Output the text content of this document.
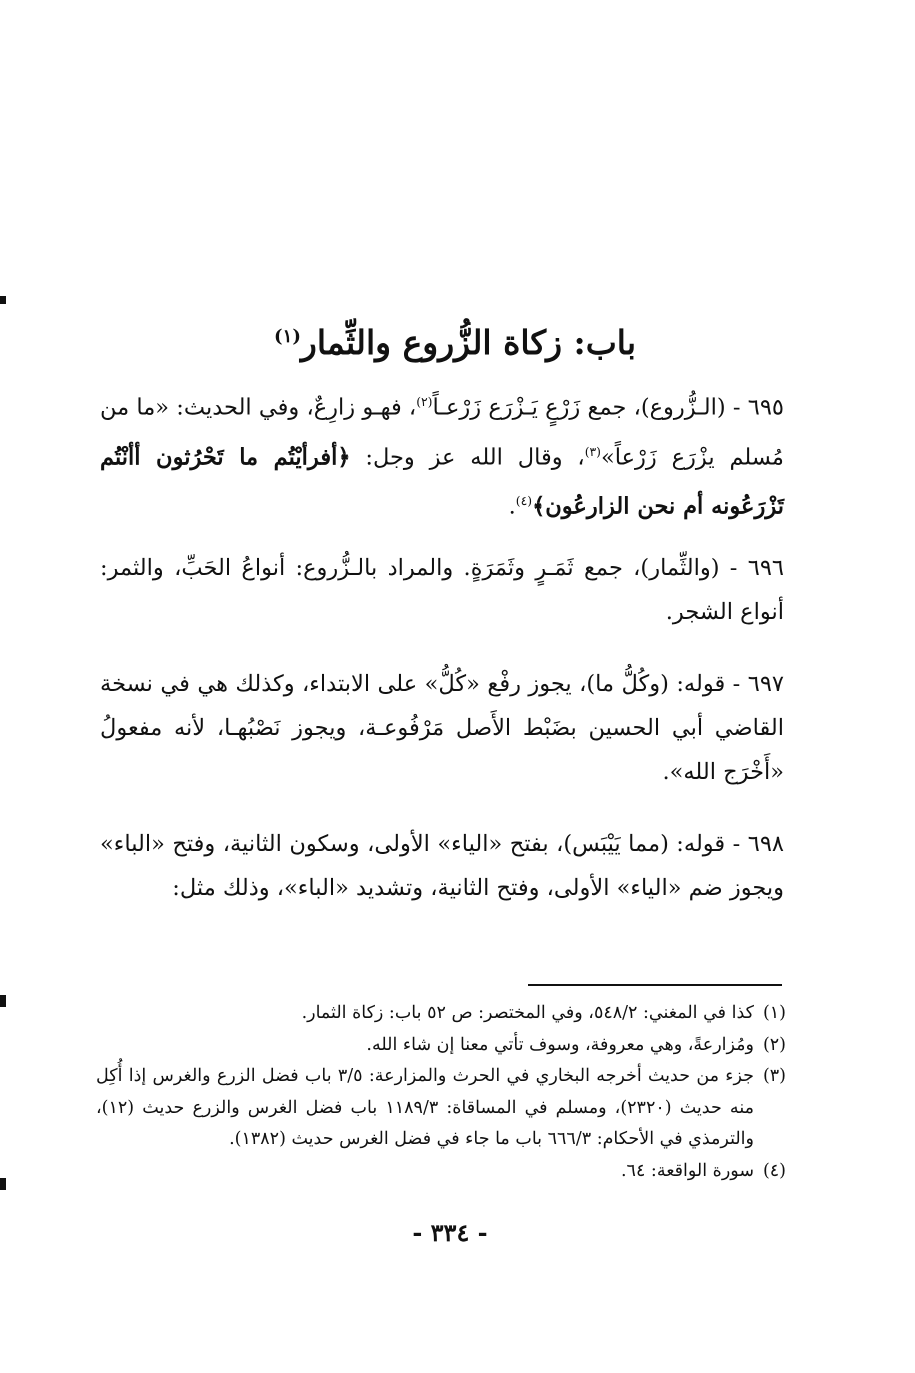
باب: زكاة الزُّروع والثِّمار$^{(١)}$
٦٩٥ - (الـزُّروع)، جمع زَرْعٍ يَـزْرَع زَرْعـاً$^{(٢)}$، فهـو زارِعٌ، وفي الحديث: «ما من مُسلم يزْرَع زَرْعاً»$^{(٣)}$، وقال الله عز وجل: ﴿أفرأيْتُم ما تَحْرُثون أأنْتُم تَزْرَعُونه أم نحن الزارعُون﴾$^{(٤)}$.
٦٩٦ - (والثِّمار)، جمع ثَمَـرٍ وثَمَرَةٍ. والمراد بالـزُّروع: أنواعُ الحَبِّ، والثمر: أنواع الشجر.
٦٩٧ - قوله: (وكُلُّ ما)، يجوز رفْع «كُلُّ» على الابتداء، وكذلك هي في نسخة القاضي أبي الحسين بضَبْط الأَصل مَرْفُوعـة، ويجوز نَصْبُهـا، لأنه مفعولُ «أَخْرَج الله».
٦٩٨ - قوله: (مما يَيْبَس)، بفتح «الياء» الأولى، وسكون الثانية، وفتح «الباء» ويجوز ضم «الياء» الأولى، وفتح الثانية، وتشديد «الباء»، وذلك مثل:
(١)
كذا في المغني: ٥٤٨/٢، وفي المختصر: ص ٥٢ باب: زكاة الثمار.
(٢)
ومُزارعةً، وهي معروفة، وسوف تأتي معنا إن شاء الله.
(٣)
جزء من حديث أخرجه البخاري في الحرث والمزارعة: ٣/٥ باب فضل الزرع والغرس إذا أُكِل منه حديث (٢٣٢٠)، ومسلم في المساقاة: ١١٨٩/٣ باب فضل الغرس والزرع حديث (١٢)، والترمذي في الأحكام: ٦٦٦/٣ باب ما جاء في فضل الغرس حديث (١٣٨٢).
(٤)
سورة الواقعة: ٦٤.
- ٣٣٤ -
